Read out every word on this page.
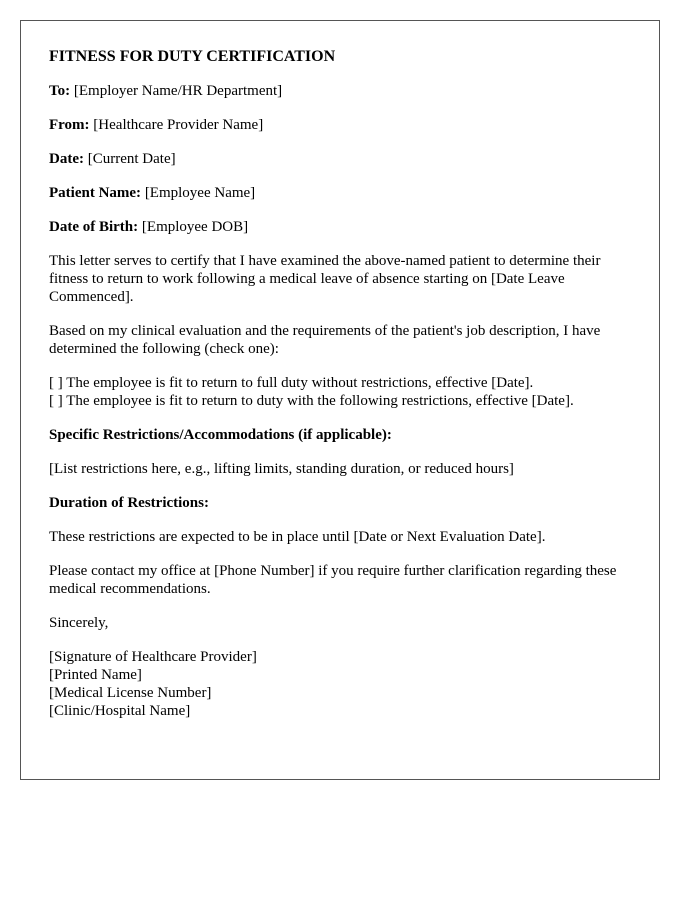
FITNESS FOR DUTY CERTIFICATION
To: [Employer Name/HR Department]
From: [Healthcare Provider Name]
Date: [Current Date]
Patient Name: [Employee Name]
Date of Birth: [Employee DOB]
This letter serves to certify that I have examined the above-named patient to determine their fitness to return to work following a medical leave of absence starting on [Date Leave Commenced].
Based on my clinical evaluation and the requirements of the patient's job description, I have determined the following (check one):
[ ] The employee is fit to return to full duty without restrictions, effective [Date].
[ ] The employee is fit to return to duty with the following restrictions, effective [Date].
Specific Restrictions/Accommodations (if applicable):
[List restrictions here, e.g., lifting limits, standing duration, or reduced hours]
Duration of Restrictions:
These restrictions are expected to be in place until [Date or Next Evaluation Date].
Please contact my office at [Phone Number] if you require further clarification regarding these medical recommendations.
Sincerely,
[Signature of Healthcare Provider]
[Printed Name]
[Medical License Number]
[Clinic/Hospital Name]
